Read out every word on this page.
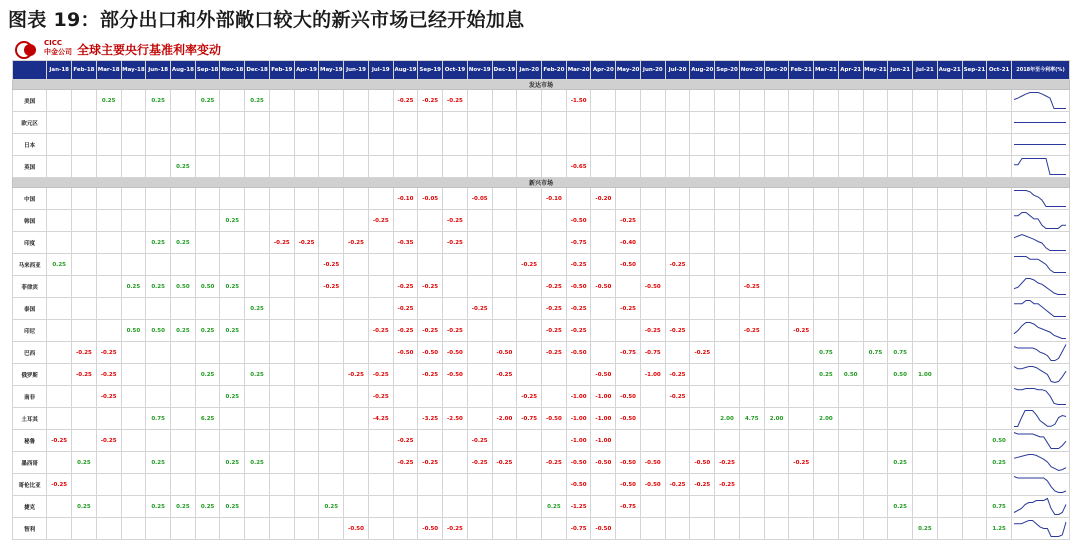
图表 19：部分出口和外部敞口较大的新兴市场已经开始加息
CICC
中金公司 全球主要央行基准利率变动
	Jan-18	Feb-18	Mar-18	May-18	Jun-18	Aug-18	Sep-18	Nov-18	Dec-18	Feb-19	Apr-19	May-19	Jun-19	Jul-19	Aug-19	Sep-19	Oct-19	Nov-19	Dec-19	Jan-20	Feb-20	Mar-20	Apr-20	May-20	Jun-20	Jul-20	Aug-20	Sep-20	Nov-20	Dec-20	Feb-21	Mar-21	Apr-21	May-21	Jun-21	Jul-21	Aug-21	Sep-21	Oct-21	2018年至今利率(%)
发达市场																																								
美国			0.25		0.25		0.25		0.25						-0.25	-0.25	-0.25					-1.50																		

欧元区																																								

日本																																								

英国						0.25																-0.65																		

新兴市场																																								
中国															-0.10	-0.05		-0.05			-0.10		-0.20																	

韩国								0.25						-0.25			-0.25					-0.50		-0.25																

印度					0.25	0.25				-0.25	-0.25		-0.25		-0.35		-0.25					-0.75		-0.40																

马来西亚	0.25											-0.25								-0.25		-0.25		-0.50		-0.25														

菲律宾				0.25	0.25	0.50	0.50	0.25				-0.25			-0.25	-0.25					-0.25	-0.50	-0.50		-0.50				-0.25											

泰国									0.25						-0.25			-0.25			-0.25	-0.25		-0.25																

印尼				0.50	0.50	0.25	0.25	0.25						-0.25	-0.25	-0.25	-0.25				-0.25	-0.25			-0.25	-0.25			-0.25		-0.25									

巴西		-0.25	-0.25												-0.50	-0.50	-0.50		-0.50		-0.25	-0.50		-0.75	-0.75		-0.25					0.75		0.75	0.75					

俄罗斯		-0.25	-0.25				0.25		0.25				-0.25	-0.25		-0.25	-0.50		-0.25				-0.50		-1.00	-0.25						0.25	0.50		0.50	1.00				

南非			-0.25					0.25						-0.25						-0.25		-1.00	-1.00	-0.50		-0.25														

土耳其					0.75		6.25							-4.25		-3.25	-2.50		-2.00	-0.75	-0.50	-1.00	-1.00	-0.50				2.00	4.75	2.00		2.00								

秘鲁	-0.25		-0.25												-0.25			-0.25				-1.00	-1.00																0.50	

墨西哥		0.25			0.25			0.25	0.25						-0.25	-0.25		-0.25	-0.25		-0.25	-0.50	-0.50	-0.50	-0.50		-0.50	-0.25			-0.25				0.25				0.25	

哥伦比亚	-0.25																					-0.50		-0.50	-0.50	-0.25	-0.25	-0.25												

捷克		0.25			0.25	0.25	0.25	0.25				0.25									0.25	-1.25		-0.75											0.25				0.75	

智利													-0.50			-0.50	-0.25					-0.75	-0.50													0.25			1.25	
